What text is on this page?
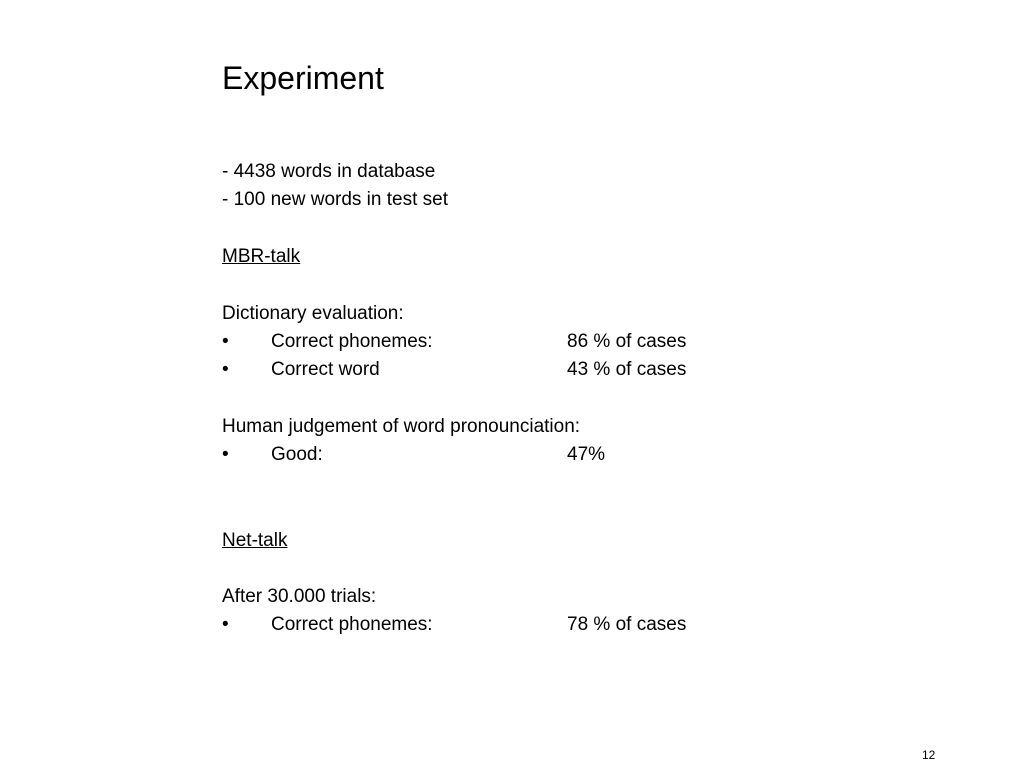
Experiment
- 4438 words in database
- 100 new words in test set
MBR-talk
Dictionary evaluation:
• Correct phonemes:	86 % of cases
• Correct word	43 % of cases
Human judgement of word pronounciation:
• Good:	47%
Net-talk
After 30.000 trials:
• Correct phonemes:	78 % of cases
12
